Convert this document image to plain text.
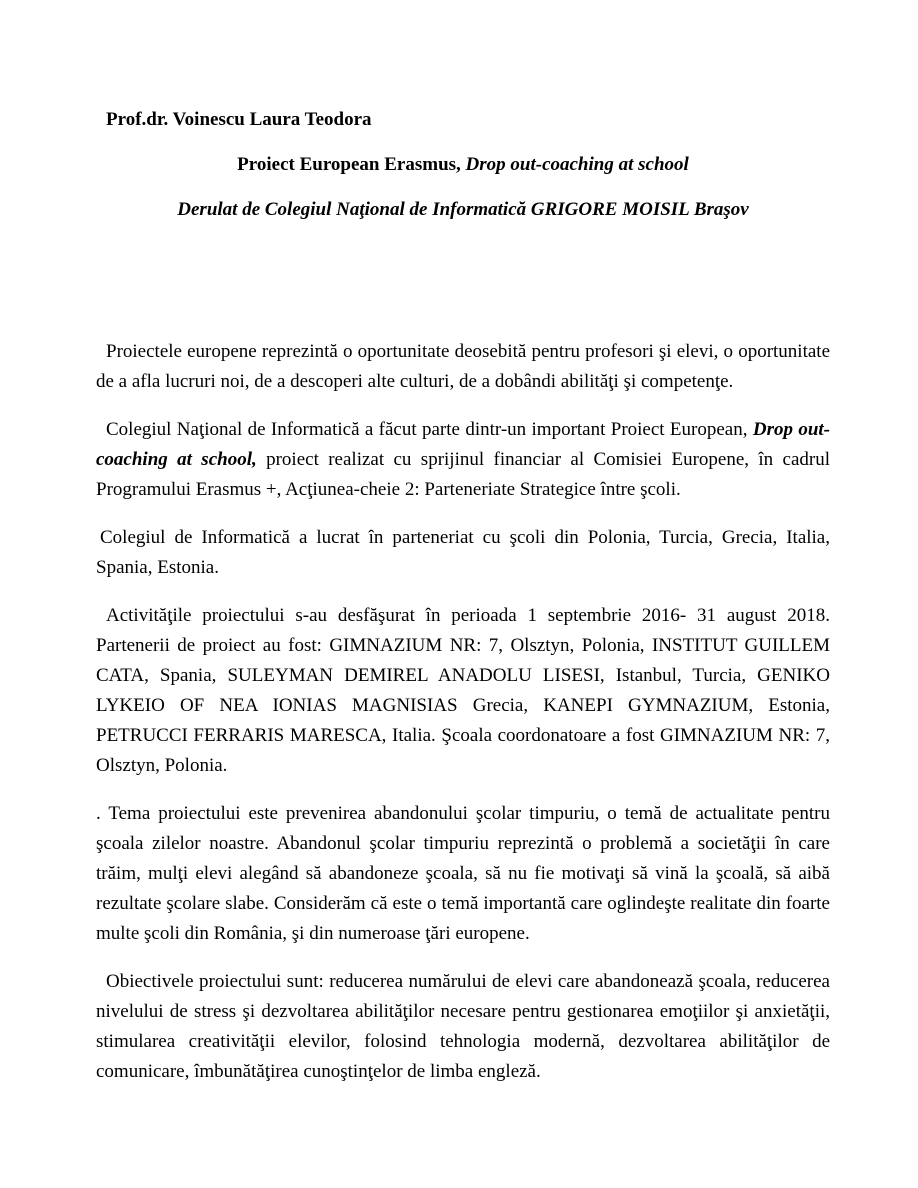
Prof.dr. Voinescu Laura Teodora

Proiect European Erasmus, Drop out-coaching at school

Derulat de Colegiul Naţional de Informatică GRIGORE MOISIL Braşov

Proiectele europene reprezintă o oportunitate deosebită pentru profesori şi elevi, o oportunitate de a afla lucruri noi, de a descoperi alte culturi, de a dobândi abilităţi şi competenţe.

Colegiul Naţional de Informatică a făcut parte dintr-un important Proiect European, Drop out-coaching at school, proiect realizat cu sprijinul financiar al Comisiei Europene, în cadrul Programului Erasmus +, Acţiunea-cheie 2: Parteneriate Strategice între şcoli.

Colegiul de Informatică a lucrat în parteneriat cu şcoli din Polonia, Turcia, Grecia, Italia, Spania, Estonia.

Activităţile proiectului s-au desfăşurat în perioada 1 septembrie 2016- 31 august 2018. Partenerii de proiect au fost: GIMNAZIUM NR: 7, Olsztyn, Polonia, INSTITUT GUILLEM CATA, Spania, SULEYMAN DEMIREL ANADOLU LISESI, Istanbul, Turcia, GENIKO LYKEIO OF NEA IONIAS MAGNISIAS Grecia, KANEPI GYMNAZIUM, Estonia, PETRUCCI FERRARIS MARESCA, Italia. Şcoala coordonatoare a fost GIMNAZIUM NR: 7, Olsztyn, Polonia.

. Tema proiectului este prevenirea abandonului şcolar timpuriu, o temă de actualitate pentru şcoala zilelor noastre. Abandonul şcolar timpuriu reprezintă o problemă a societăţii în care trăim, mulţi elevi alegând să abandoneze şcoala, să nu fie motivaţi să vină la şcoală, să aibă rezultate şcolare slabe. Considerăm că este o temă importantă care oglindeşte realitate din foarte multe şcoli din România, şi din numeroase ţări europene.

Obiectivele proiectului sunt: reducerea numărului de elevi care abandonează şcoala, reducerea nivelului de stress şi dezvoltarea abilităţilor necesare pentru gestionarea emoţiilor şi anxietăţii, stimularea creativităţii elevilor, folosind tehnologia modernă, dezvoltarea abilităţilor de comunicare, îmbunătăţirea cunoştinţelor de limba engleză.
